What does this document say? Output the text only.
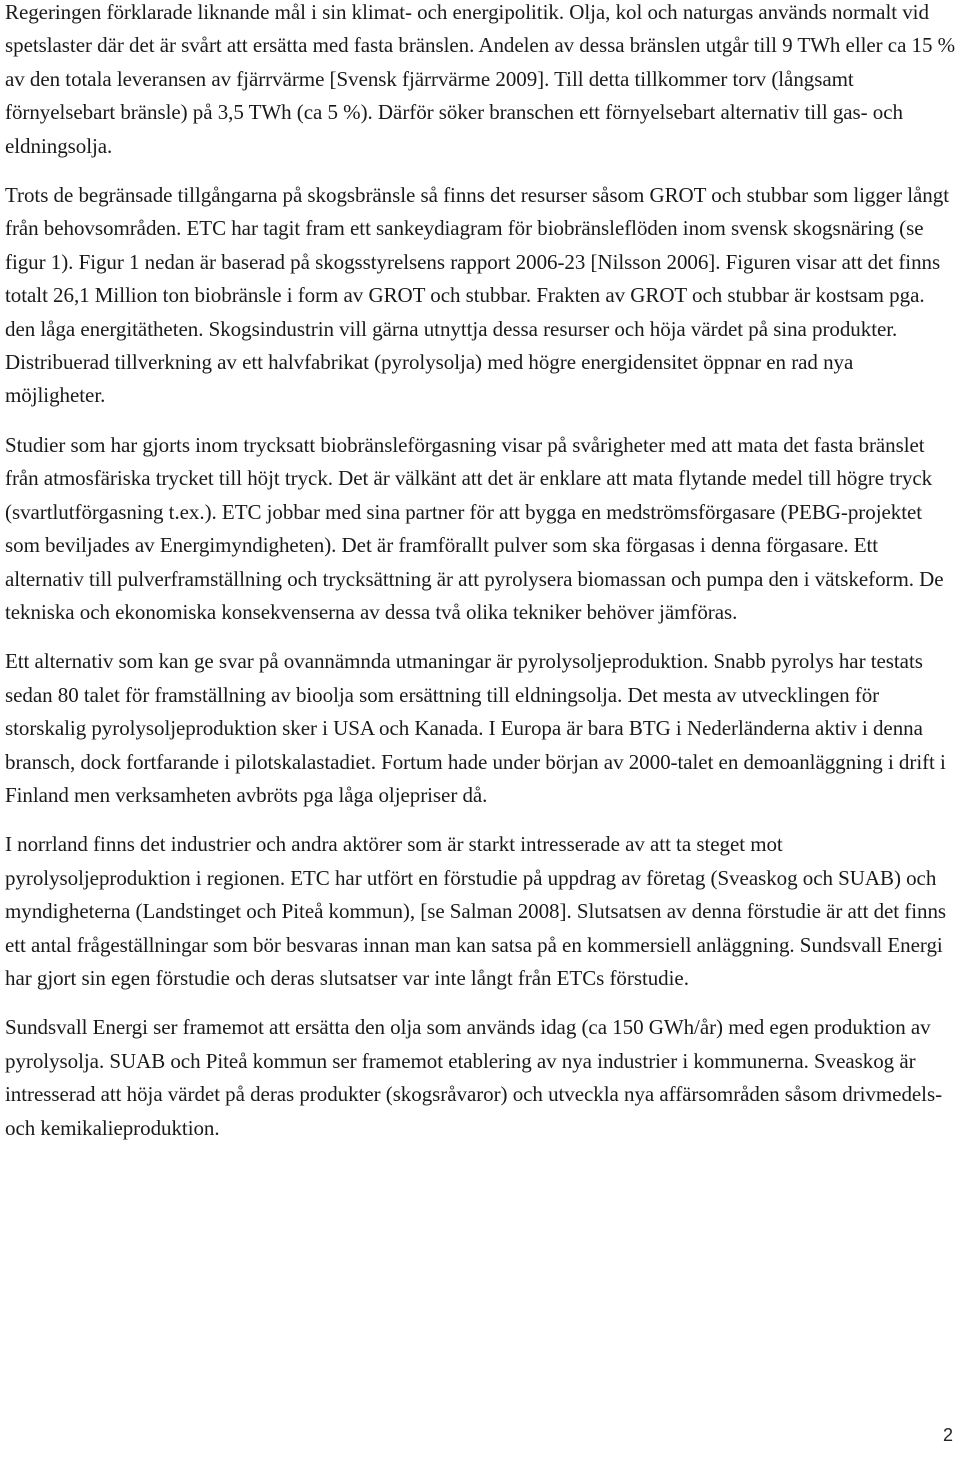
Regeringen förklarade liknande mål i sin klimat- och energipolitik. Olja, kol och naturgas används normalt vid spetslaster där det är svårt att ersätta med fasta bränslen. Andelen av dessa bränslen utgår till 9 TWh eller ca 15 % av den totala leveransen av fjärrvärme [Svensk fjärrvärme 2009]. Till detta tillkommer torv (långsamt förnyelsebart bränsle) på 3,5 TWh (ca 5 %). Därför söker branschen ett förnyelsebart alternativ till gas- och eldningsolja.

Trots de begränsade tillgångarna på skogsbränsle så finns det resurser såsom GROT och stubbar som ligger långt från behovsområden. ETC har tagit fram ett sankeydiagram för biobränsleflöden inom svensk skogsnäring (se figur 1). Figur 1 nedan är baserad på skogsstyrelsens rapport 2006-23 [Nilsson 2006]. Figuren visar att det finns totalt 26,1 Million ton biobränsle i form av GROT och stubbar. Frakten av GROT och stubbar är kostsam pga. den låga energitätheten. Skogsindustrin vill gärna utnyttja dessa resurser och höja värdet på sina produkter. Distribuerad tillverkning av ett halvfabrikat (pyrolysolja) med högre energidensitet öppnar en rad nya möjligheter.

Studier som har gjorts inom trycksatt biobränsleförgasning visar på svårigheter med att mata det fasta bränslet från atmosfäriska trycket till höjt tryck. Det är välkänt att det är enklare att mata flytande medel till högre tryck (svartlutförgasning t.ex.). ETC jobbar med sina partner för att bygga en medströmsförgasare (PEBG-projektet som beviljades av Energimyndigheten). Det är framförallt pulver som ska förgasas i denna förgasare. Ett alternativ till pulverframställning och trycksättning är att pyrolysera biomassan och pumpa den i vätskeform. De tekniska och ekonomiska konsekvenserna av dessa två olika tekniker behöver jämföras.

Ett alternativ som kan ge svar på ovannämnda utmaningar är pyrolysoljeproduktion. Snabb pyrolys har testats sedan 80 talet för framställning av bioolja som ersättning till eldningsolja. Det mesta av utvecklingen för storskalig pyrolysoljeproduktion sker i USA och Kanada. I Europa är bara BTG i Nederländerna aktiv i denna bransch, dock fortfarande i pilotskalastadiet. Fortum hade under början av 2000-talet en demoanläggning i drift i Finland men verksamheten avbröts pga låga oljepriser då.

I norrland finns det industrier och andra aktörer som är starkt intresserade av att ta steget mot pyrolysoljeproduktion i regionen. ETC har utfört en förstudie på uppdrag av företag (Sveaskog och SUAB) och myndigheterna (Landstinget och Piteå kommun), [se Salman 2008]. Slutsatsen av denna förstudie är att det finns ett antal frågeställningar som bör besvaras innan man kan satsa på en kommersiell anläggning. Sundsvall Energi har gjort sin egen förstudie och deras slutsatser var inte långt från ETCs förstudie.

Sundsvall Energi ser framemot att ersätta den olja som används idag (ca 150 GWh/år) med egen produktion av pyrolysolja. SUAB och Piteå kommun ser framemot etablering av nya industrier i kommunerna. Sveaskog är intresserad att höja värdet på deras produkter (skogsråvaror) och utveckla nya affärsområden såsom drivmedels- och kemikalieproduktion.

2
